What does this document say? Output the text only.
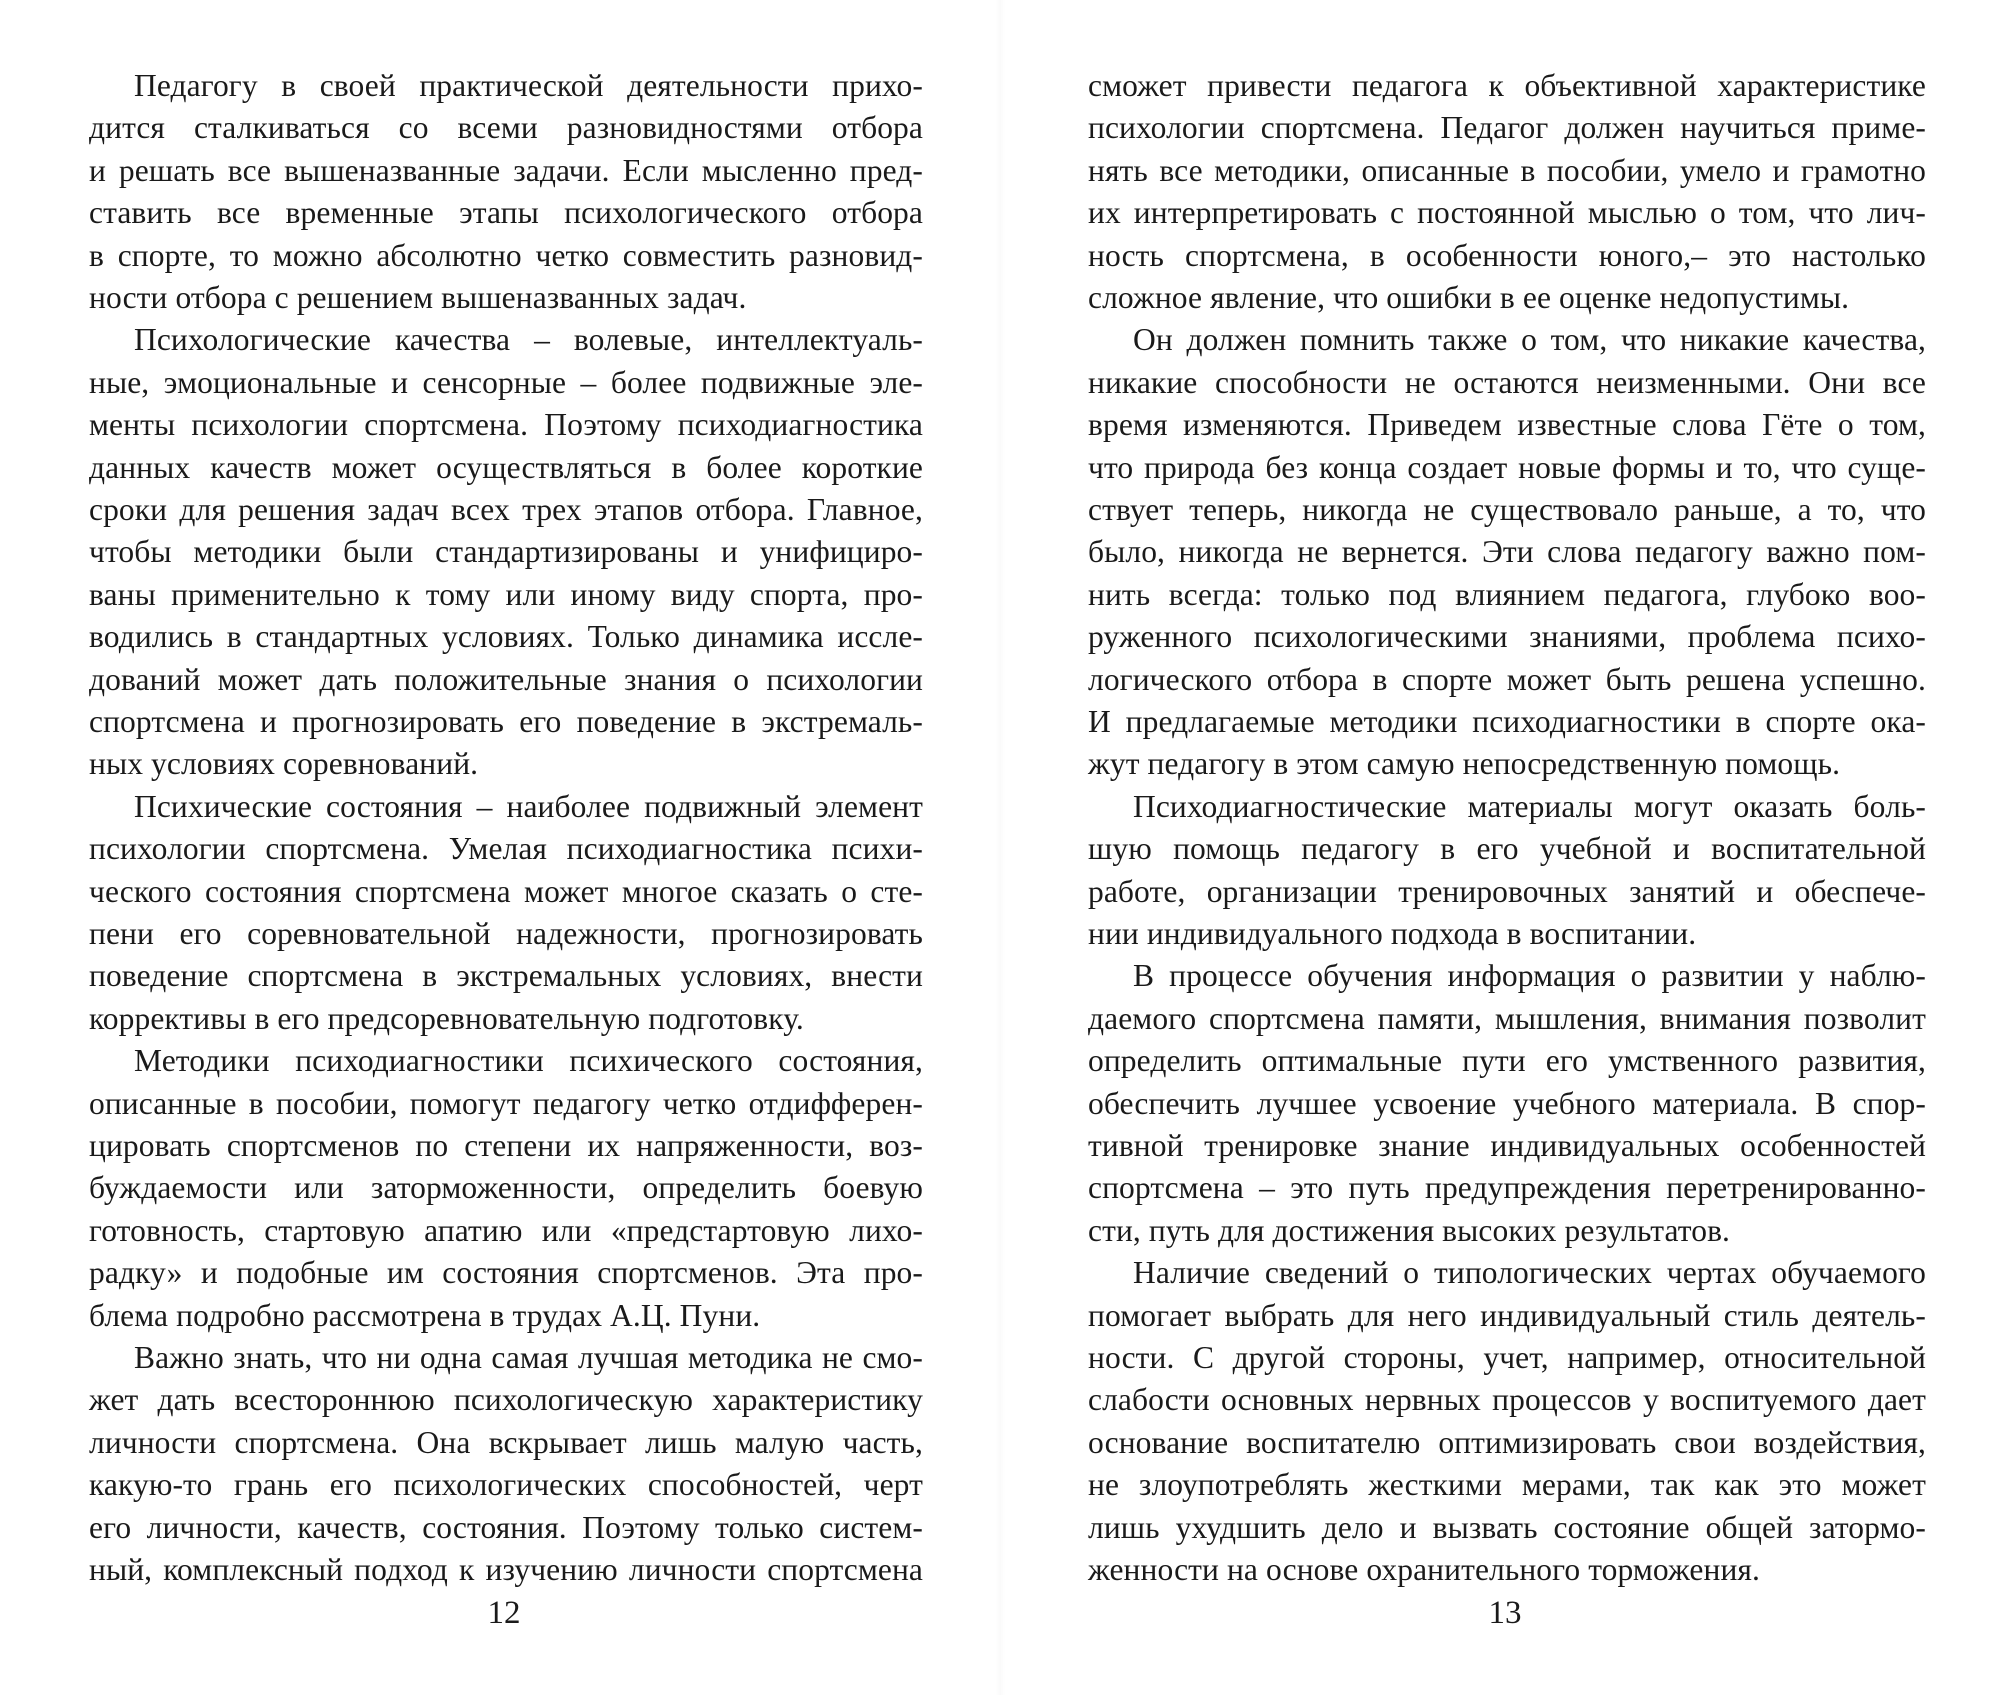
Педагогу в своей практической деятельности прихо-
дится сталкиваться со всеми разновидностями отбора
и решать все вышеназванные задачи. Если мысленно пред-
ставить все временные этапы психологического отбора
в спорте, то можно абсолютно четко совместить разновид-
ности отбора с решением вышеназванных задач.
Психологические качества – волевые, интеллектуаль-
ные, эмоциональные и сенсорные – более подвижные эле-
менты психологии спортсмена. Поэтому психодиагностика
данных качеств может осуществляться в более короткие
сроки для решения задач всех трех этапов отбора. Главное,
чтобы методики были стандартизированы и унифициро-
ваны применительно к тому или иному виду спорта, про-
водились в стандартных условиях. Только динамика иссле-
дований может дать положительные знания о психологии
спортсмена и прогнозировать его поведение в экстремаль-
ных условиях соревнований.
Психические состояния – наиболее подвижный элемент
психологии спортсмена. Умелая психодиагностика психи-
ческого состояния спортсмена может многое сказать о сте-
пени его соревновательной надежности, прогнозировать
поведение спортсмена в экстремальных условиях, внести
коррективы в его предсоревновательную подготовку.
Методики психодиагностики психического состояния,
описанные в пособии, помогут педагогу четко отдифферен-
цировать спортсменов по степени их напряженности, воз-
буждаемости или заторможенности, определить боевую
готовность, стартовую апатию или «предстартовую лихо-
радку» и подобные им состояния спортсменов. Эта про-
блема подробно рассмотрена в трудах А.Ц. Пуни.
Важно знать, что ни одна самая лучшая методика не смо-
жет дать всестороннюю психологическую характеристику
личности спортсмена. Она вскрывает лишь малую часть,
какую-то грань его психологических способностей, черт
его личности, качеств, состояния. Поэтому только систем-
ный, комплексный подход к изучению личности спортсмена
12
сможет привести педагога к объективной характеристике
психологии спортсмена. Педагог должен научиться приме-
нять все методики, описанные в пособии, умело и грамотно
их интерпретировать с постоянной мыслью о том, что лич-
ность спортсмена, в особенности юного,– это настолько
сложное явление, что ошибки в ее оценке недопустимы.
Он должен помнить также о том, что никакие качества,
никакие способности не остаются неизменными. Они все
время изменяются. Приведем известные слова Гёте о том,
что природа без конца создает новые формы и то, что суще-
ствует теперь, никогда не существовало раньше, а то, что
было, никогда не вернется. Эти слова педагогу важно пом-
нить всегда: только под влиянием педагога, глубоко воо-
руженного психологическими знаниями, проблема психо-
логического отбора в спорте может быть решена успешно.
И предлагаемые методики психодиагностики в спорте ока-
жут педагогу в этом самую непосредственную помощь.
Психодиагностические материалы могут оказать боль-
шую помощь педагогу в его учебной и воспитательной
работе, организации тренировочных занятий и обеспече-
нии индивидуального подхода в воспитании.
В процессе обучения информация о развитии у наблю-
даемого спортсмена памяти, мышления, внимания позволит
определить оптимальные пути его умственного развития,
обеспечить лучшее усвоение учебного материала. В спор-
тивной тренировке знание индивидуальных особенностей
спортсмена – это путь предупреждения перетренированно-
сти, путь для достижения высоких результатов.
Наличие сведений о типологических чертах обучаемого
помогает выбрать для него индивидуальный стиль деятель-
ности. С другой стороны, учет, например, относительной
слабости основных нервных процессов у воспитуемого дает
основание воспитателю оптимизировать свои воздействия,
не злоупотреблять жесткими мерами, так как это может
лишь ухудшить дело и вызвать состояние общей затормо-
женности на основе охранительного торможения.
13
